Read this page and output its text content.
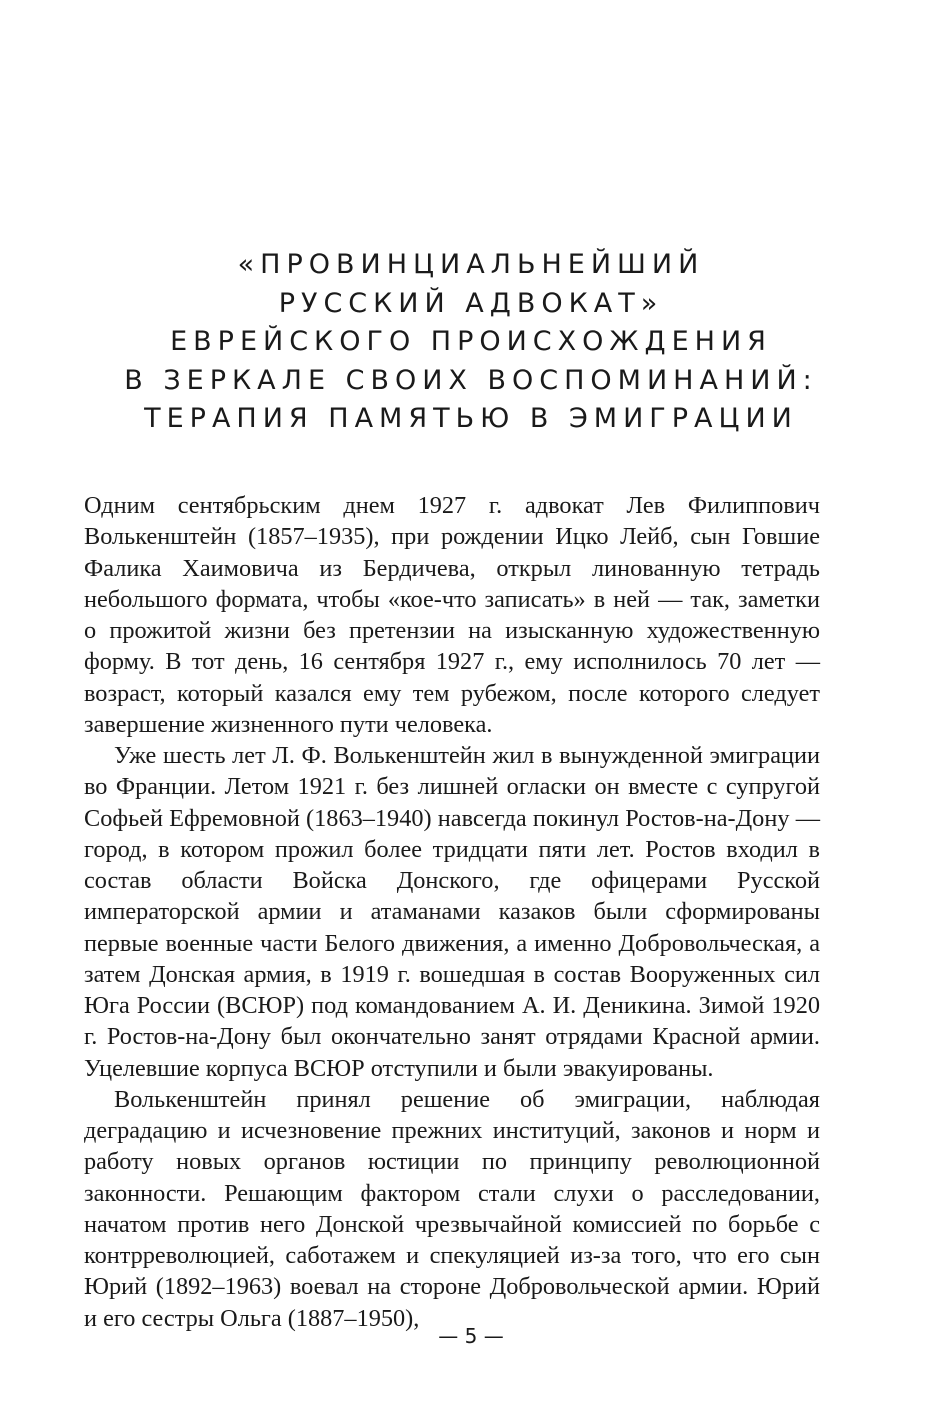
«ПРОВИНЦИАЛЬНЕЙШИЙ
РУССКИЙ АДВОКАТ»
ЕВРЕЙСКОГО ПРОИСХОЖДЕНИЯ
В ЗЕРКАЛЕ СВОИХ ВОСПОМИНАНИЙ:
ТЕРАПИЯ ПАМЯТЬЮ В ЭМИГРАЦИИ

Одним сентябрьским днем 1927 г. адвокат Лев Филиппович Волькенштейн (1857–1935), при рождении Ицко Лейб, сын Говшие Фалика Хаимовича из Бердичева, открыл линованную тетрадь небольшого формата, чтобы «кое-что записать» в ней — так, заметки о прожитой жизни без претензии на изысканную художественную форму. В тот день, 16 сентября 1927 г., ему исполнилось 70 лет — возраст, который казался ему тем рубежом, после которого следует завершение жизненного пути человека.

Уже шесть лет Л. Ф. Волькенштейн жил в вынужденной эмиграции во Франции. Летом 1921 г. без лишней огласки он вместе с супругой Софьей Ефремовной (1863–1940) навсегда покинул Ростов-на-Дону — город, в котором прожил более тридцати пяти лет. Ростов входил в состав области Войска Донского, где офицерами Русской императорской армии и атаманами казаков были сформированы первые военные части Белого движения, а именно Добровольческая, а затем Донская армия, в 1919 г. вошедшая в состав Вооруженных сил Юга России (ВСЮР) под командованием А. И. Деникина. Зимой 1920 г. Ростов-на-Дону был окончательно занят отрядами Красной армии. Уцелевшие корпуса ВСЮР отступили и были эвакуированы.

Волькенштейн принял решение об эмиграции, наблюдая деградацию и исчезновение прежних институций, законов и норм и работу новых органов юстиции по принципу революционной законности. Решающим фактором стали слухи о расследовании, начатом против него Донской чрезвычайной комиссией по борьбе с контрреволюцией, саботажем и спекуляцией из-за того, что его сын Юрий (1892–1963) воевал на стороне Добровольческой армии. Юрий и его сестры Ольга (1887–1950),

— 5 —
